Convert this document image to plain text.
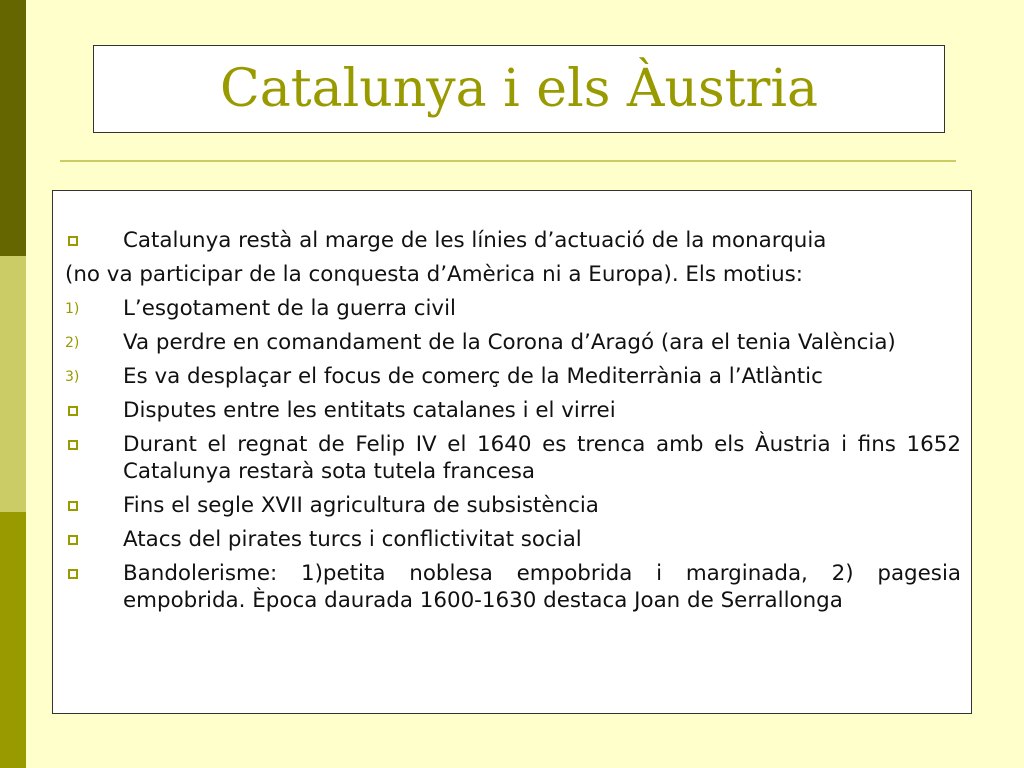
Catalunya i els Àustria
Catalunya restà al marge de les línies d’actuació de la monarquia
(no va participar de la conquesta d’Amèrica ni a Europa). Els motius:
1) L’esgotament de la guerra civil
2) Va perdre en comandament de la Corona d’Aragó (ara el tenia València)
3) Es va desplaçar el focus de comerç de la Mediterrània a l’Atlàntic
Disputes entre les entitats catalanes i el virrei
Durant el regnat de Felip IV el 1640 es trenca amb els Àustria i fins 1652 Catalunya restarà sota tutela francesa
Fins el segle XVII agricultura de subsistència
Atacs del pirates turcs i conflictivitat social
Bandolerisme: 1)petita noblesa empobrida i marginada, 2) pagesia empobrida. Època daurada 1600-1630 destaca Joan de Serrallonga
